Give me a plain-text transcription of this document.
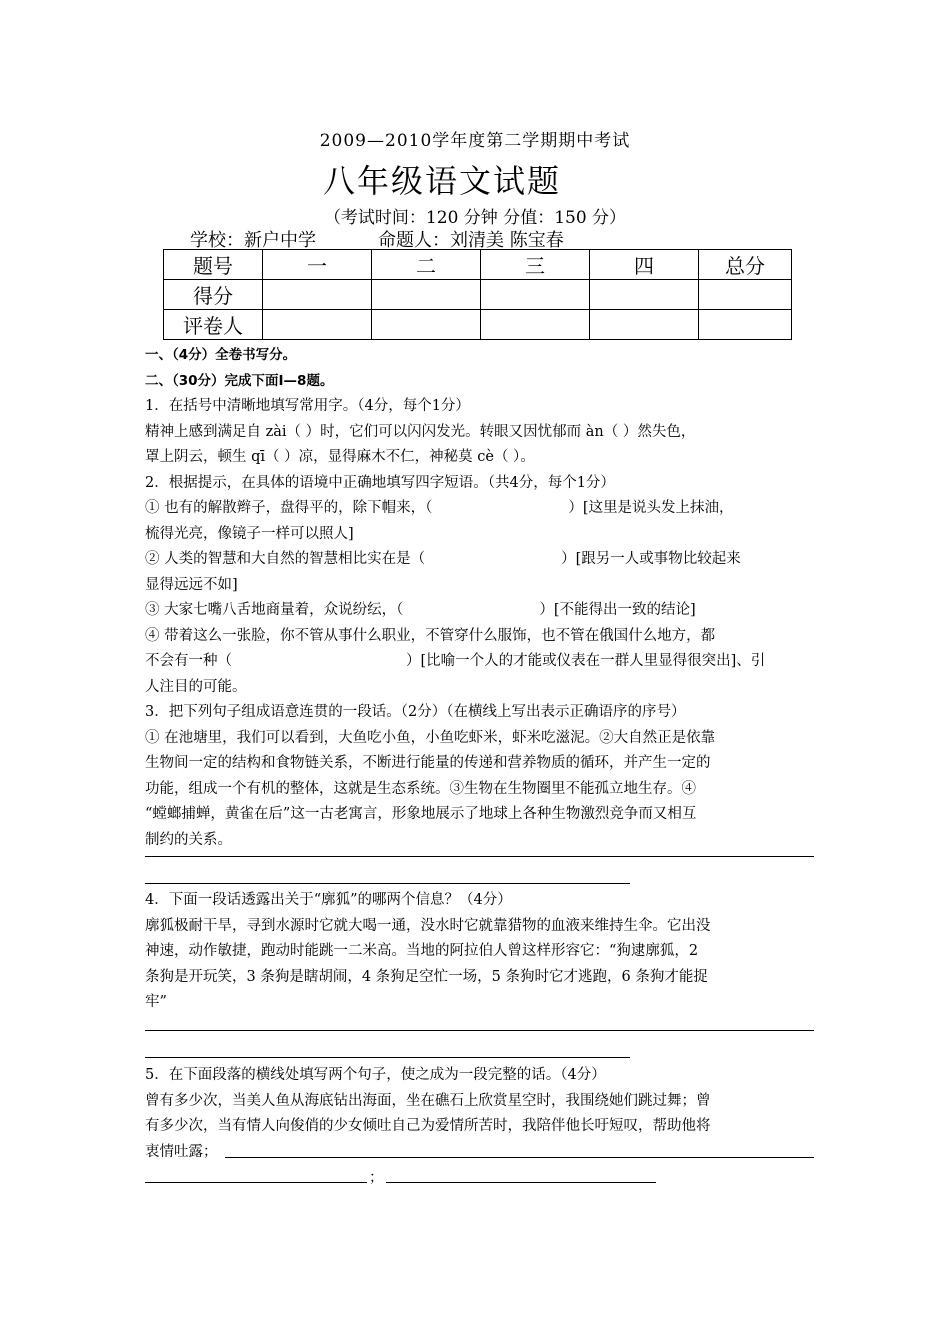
2009—2010学年度第二学期期中考试
八年级语文试题
（考试时间：120 分钟 分值：150 分）
学校：新户中学	命题人：刘清美 陈宝春
题号	一	二	三	四	总分
得分					
评卷人					
一、（4分）全卷书写分。
二、（30分）完成下面Ⅰ—8题。
1．在括号中清晰地填写常用字。（4分，每个1分）
精神上感到满足自 zài（ ）时，它们可以闪闪发光。转眼又因忧郁而 àn（ ）然失色，
罩上阴云，顿生 qī（ ）凉，显得麻木不仁，神秘莫 cè（ ）。
2．根据提示，在具体的语境中正确地填写四字短语。（共4分，每个1分）
① 也有的解散辫子，盘得平的，除下帽来，（	）[这里是说头发上抹油，
梳得光亮，像镜子一样可以照人]
② 人类的智慧和大自然的智慧相比实在是（	）[跟另一人或事物比较起来
显得远远不如]
③ 大家七嘴八舌地商量着，众说纷纭，（	）[不能得出一致的结论]
④ 带着这么一张脸，你不管从事什么职业，不管穿什么服饰，也不管在俄国什么地方，都
不会有一种（	）[比喻一个人的才能或仪表在一群人里显得很突出]、引
人注目的可能。
3．把下列句子组成语意连贯的一段话。（2分）（在横线上写出表示正确语序的序号）
① 在池塘里，我们可以看到，大鱼吃小鱼，小鱼吃虾米，虾米吃滋泥。②大自然正是依靠
生物间一定的结构和食物链关系，不断进行能量的传递和营养物质的循环，并产生一定的
功能，组成一个有机的整体，这就是生态系统。③生物在生物圈里不能孤立地生存。④
“螳螂捕蝉，黄雀在后”这一古老寓言，形象地展示了地球上各种生物激烈竞争而又相互
制约的关系。
4．下面一段话透露出关于“廓狐”的哪两个信息？（4分）
廓狐极耐干旱，寻到水源时它就大喝一通，没水时它就靠猎物的血液来维持生伞。它出没
神速，动作敏捷，跑动时能跳一二米高。当地的阿拉伯人曾这样形容它：“狗逮廓狐，2
条狗是开玩笑，3 条狗是瞎胡闹，4 条狗足空忙一场，5 条狗时它才逃跑，6 条狗才能捉
牢”
5．在下面段落的横线处填写两个句子，使之成为一段完整的话。（4分）
曾有多少次，当美人鱼从海底钻出海面，坐在礁石上欣赏星空时，我围绕她们跳过舞；曾
有多少次，当有情人向俊俏的少女倾吐自己为爱情所苦时，我陪伴他长吁短叹，帮助他将
衷情吐露；
；
